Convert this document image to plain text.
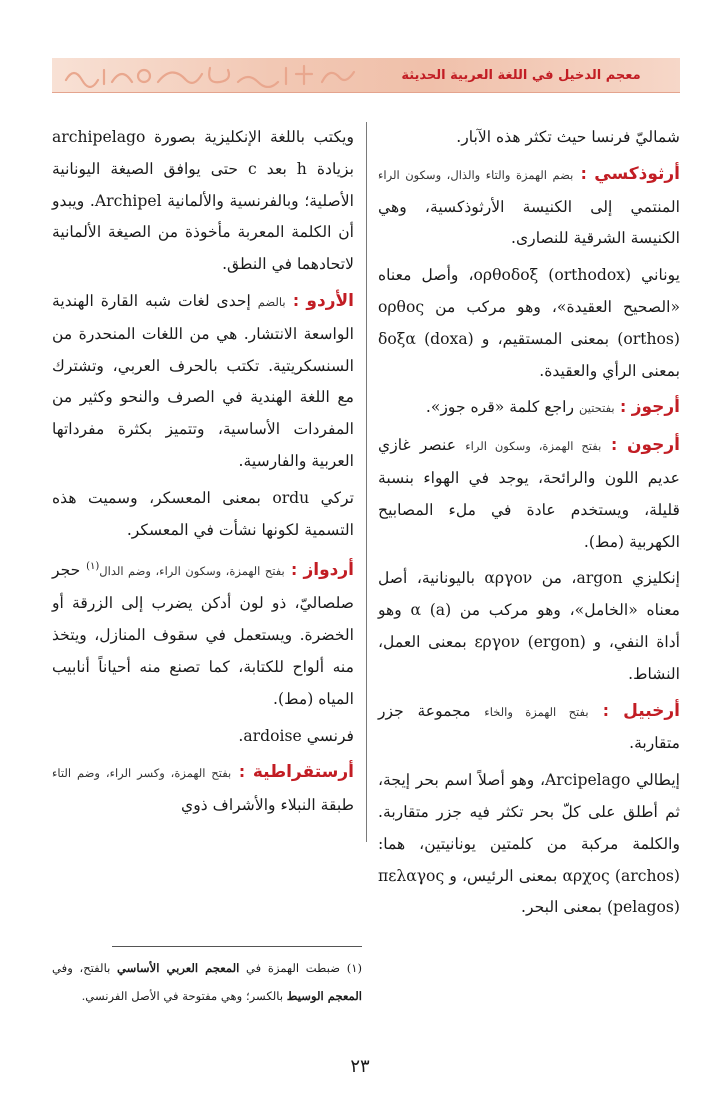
معجم الدخيل في اللغة العربية الحديثة

شماليّ فرنسا حيث تكثر هذه الآبار.

أرثوذكسي : بضم الهمزة والتاء والذال، وسكون الراء المنتمي إلى الكنيسة الأرثوذكسية، وهي الكنيسة الشرقية للنصارى.

يوناني ορθοδοξ (orthodox)، وأصل معناه «الصحيح العقيدة»، وهو مركب من ορθος (orthos) بمعنى المستقيم، و δοξα (doxa) بمعنى الرأي والعقيدة.

أرجوز : بفتحتين راجع كلمة «قره جوز».

أرجون : بفتح الهمزة، وسكون الراء عنصر غازي عديم اللون والرائحة، يوجد في الهواء بنسبة قليلة، ويستخدم عادة في ملء المصابيح الكهربية (مط).

إنكليزي argon، من αργον باليونانية، أصل معناه «الخامل»، وهو مركب من α (a) وهو أداة النفي، و εργον (ergon) بمعنى العمل، النشاط.

أرخبيل : بفتح الهمزة والخاء مجموعة جزر متقاربة.

إيطالي Arcipelago، وهو أصلاً اسم بحر إيجة، ثم أطلق على كلّ بحر تكثر فيه جزر متقاربة. والكلمة مركبة من كلمتين يونانيتين، هما: αρχος (archos) بمعنى الرئيس، و πελαγος (pelagos) بمعنى البحر.

ويكتب باللغة الإنكليزية بصورة archipelago بزيادة h بعد c حتى يوافق الصيغة اليونانية الأصلية؛ وبالفرنسية والألمانية Archipel. ويبدو أن الكلمة المعربة مأخوذة من الصيغة الألمانية لاتحادهما في النطق.

الأردو : بالضم إحدى لغات شبه القارة الهندية الواسعة الانتشار. هي من اللغات المنحدرة من السنسكريتية. تكتب بالحرف العربي، وتشترك مع اللغة الهندية في الصرف والنحو وكثير من المفردات الأساسية، وتتميز بكثرة مفرداتها العربية والفارسية.

تركي ordu بمعنى المعسكر، وسميت هذه التسمية لكونها نشأت في المعسكر.

أردواز : بفتح الهمزة، وسكون الراء، وضم الدال$^{(١)}$ حجر صلصاليّ، ذو لون أدكن يضرب إلى الزرقة أو الخضرة. ويستعمل في سقوف المنازل، ويتخذ منه ألواح للكتابة، كما تصنع منه أحياناً أنابيب المياه (مط).

فرنسي ardoise.

أرستقراطية : بفتح الهمزة، وكسر الراء، وضم التاء طبقة النبلاء والأشراف ذوي

(١) ضبطت الهمزة في المعجم العربي الأساسي بالفتح، وفي المعجم الوسيط بالكسر؛ وهي مفتوحة في الأصل الفرنسي.
٢٣
